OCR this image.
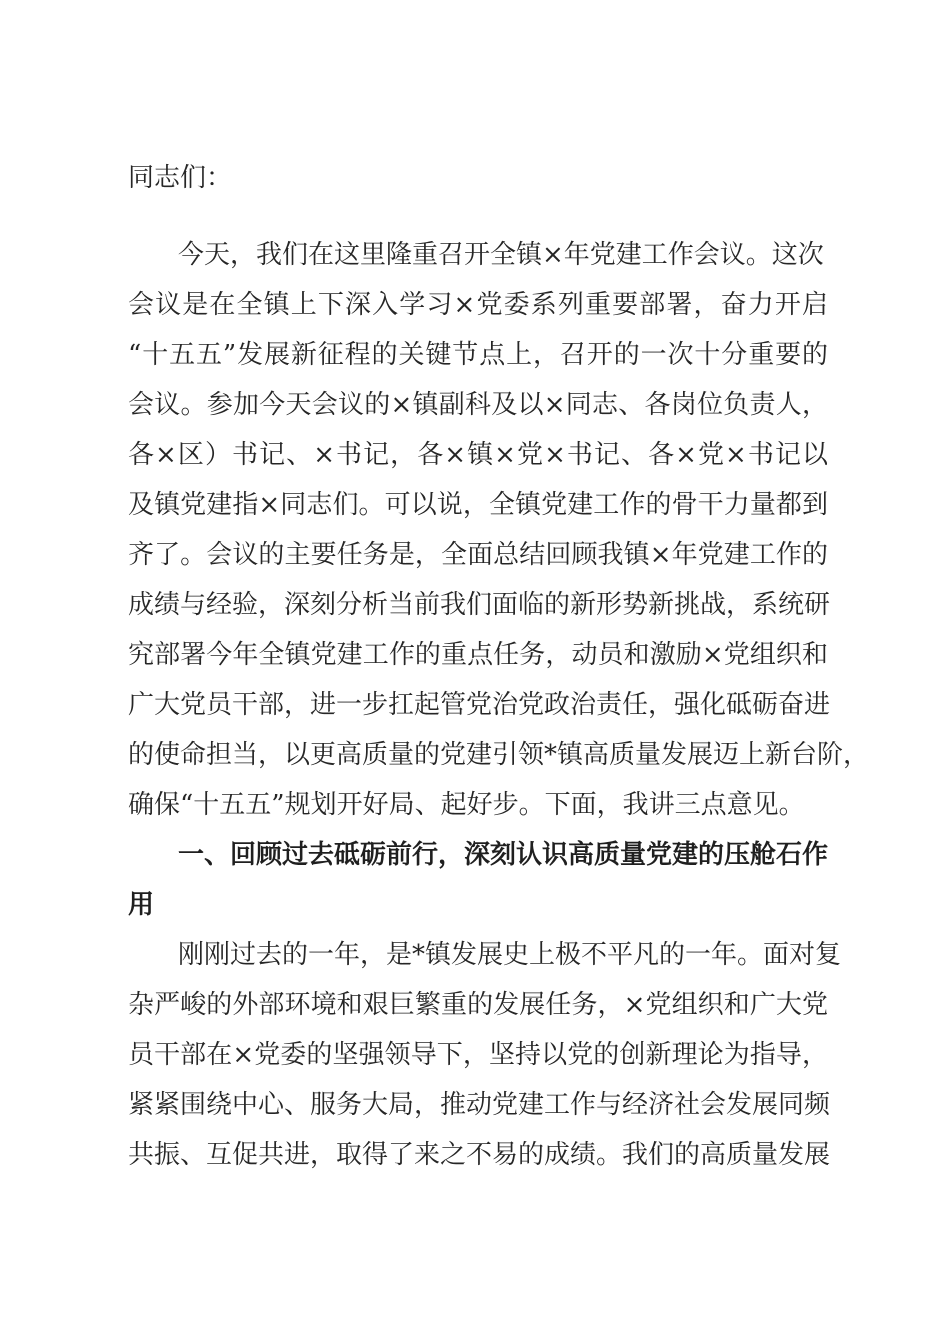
同志们：
今天，我们在这里隆重召开全镇×年党建工作会议。这次
会议是在全镇上下深入学习×党委系列重要部署，奋力开启
“十五五”发展新征程的关键节点上，召开的一次十分重要的
会议。参加今天会议的×镇副科及以×同志、各岗位负责人，
各×区）书记、×书记，各×镇×党×书记、各×党×书记以
及镇党建指×同志们。可以说，全镇党建工作的骨干力量都到
齐了。会议的主要任务是，全面总结回顾我镇×年党建工作的
成绩与经验，深刻分析当前我们面临的新形势新挑战，系统研
究部署今年全镇党建工作的重点任务，动员和激励×党组织和
广大党员干部，进一步扛起管党治党政治责任，强化砥砺奋进
的使命担当，以更高质量的党建引领*镇高质量发展迈上新台阶，
确保“十五五”规划开好局、起好步。下面，我讲三点意见。
一、回顾过去砥砺前行，深刻认识高质量党建的压舱石作
用
刚刚过去的一年，是*镇发展史上极不平凡的一年。面对复
杂严峻的外部环境和艰巨繁重的发展任务，×党组织和广大党
员干部在×党委的坚强领导下，坚持以党的创新理论为指导，
紧紧围绕中心、服务大局，推动党建工作与经济社会发展同频
共振、互促共进，取得了来之不易的成绩。我们的高质量发展
